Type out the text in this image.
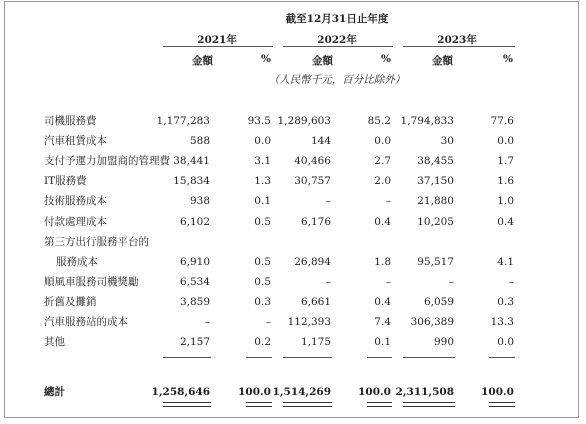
截至12月31日止年度
2021年	2022年	2023年
金額	%	金額	%	金額	%
（人民幣千元，百分比除外）
司機服務費	1,177,283	93.5 1,289,603	85.2 1,794,833	77.6
汽車租賃成本	588	0.0	144	0.0	30	0.0
支付予運力加盟商的管理費 38,441	3.1 40,466	2.7	38,455	1.7
IT服務費	15,834	1.3 30,757	2.0	37,150	1.6
技術服務成本	938	0.1	–	–	21,880	1.0
付款處理成本	6,102	0.5	6,176	0.4	10,205	0.4
第三方出行服務平台的
服務成本	6,910	0.5 26,894	1.8	95,517	4.1
順風車服務司機獎勵	6,534	0.5	–	–	–	–
折舊及攤銷	3,859	0.3	6,661	0.4	6,059	0.3
汽車服務站的成本	–	– 112,393	7.4 306,389	13.3
其他	2,157	0.2	1,175	0.1	990	0.0
總計	1,258,646	100.0 1,514,269	100.0 2,311,508	100.0
